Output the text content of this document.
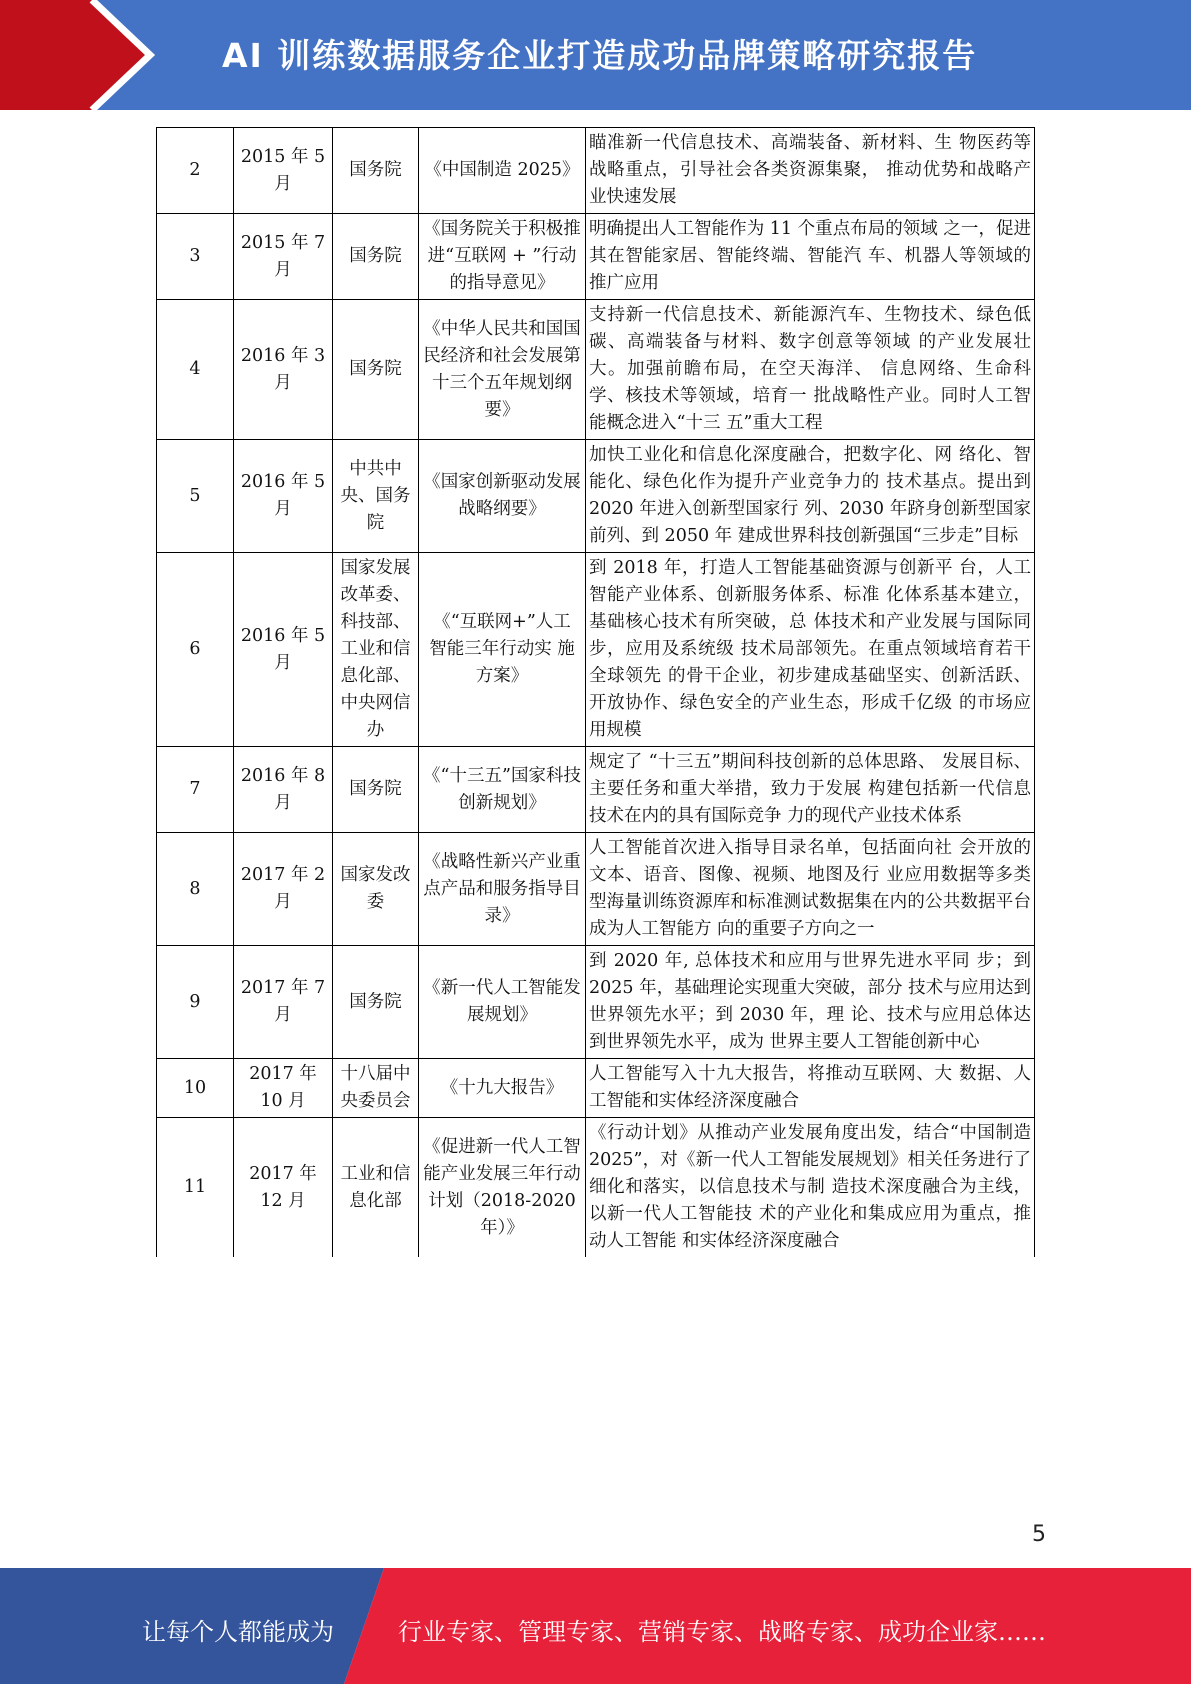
AI 训练数据服务企业打造成功品牌策略研究报告
2	2015 年 5 月	国务院	《中国制造 2025》	瞄准新一代信息技术、高端装备、新材料、生 物医药等战略重点，引导社会各类资源集聚， 推动优势和战略产业快速发展
3	2015 年 7 月	国务院	《国务院关于积极推进“互联网 + ”行动的指导意见》	明确提出人工智能作为 11 个重点布局的领域 之一，促进其在智能家居、智能终端、智能汽 车、机器人等领域的推广应用
4	2016 年 3 月	国务院	《中华人民共和国国民经济和社会发展第十三个五年规划纲要》	支持新一代信息技术、新能源汽车、生物技术、绿色低碳、高端装备与材料、数字创意等领域 的产业发展壮大。加强前瞻布局，在空天海洋、 信息网络、生命科学、核技术等领域，培育一 批战略性产业。同时人工智能概念进入“十三 五”重大工程
5	2016 年 5 月	中共中央、国务院	《国家创新驱动发展战略纲要》	加快工业化和信息化深度融合，把数字化、网 络化、智能化、绿色化作为提升产业竞争力的 技术基点。提出到 2020 年进入创新型国家行 列、2030 年跻身创新型国家前列、到 2050 年 建成世界科技创新强国“三步走”目标
6	2016 年 5 月	国家发展改革委、科技部、工业和信息化部、中央网信办	《“互联网+”人工 智能三年行动实 施方案》	到 2018 年，打造人工智能基础资源与创新平 台，人工智能产业体系、创新服务体系、标准 化体系基本建立，基础核心技术有所突破，总 体技术和产业发展与国际同步，应用及系统级 技术局部领先。在重点领域培育若干全球领先 的骨干企业，初步建成基础坚实、创新活跃、 开放协作、绿色安全的产业生态，形成千亿级 的市场应用规模
7	2016 年 8 月	国务院	《“十三五”国家科技创新规划》	规定了 “十三五”期间科技创新的总体思路、 发展目标、主要任务和重大举措，致力于发展 构建包括新一代信息技术在内的具有国际竞争 力的现代产业技术体系
8	2017 年 2 月	国家发改委	《战略性新兴产业重点产品和服务指导目录》	人工智能首次进入指导目录名单，包括面向社 会开放的文本、语音、图像、视频、地图及行 业应用数据等多类型海量训练资源库和标准测试数据集在内的公共数据平台成为人工智能方 向的重要子方向之一
9	2017 年 7 月	国务院	《新一代人工智能发展规划》	到 2020 年, 总体技术和应用与世界先进水平同 步；到 2025 年，基础理论实现重大突破，部分 技术与应用达到世界领先水平；到 2030 年，理 论、技术与应用总体达到世界领先水平，成为 世界主要人工智能创新中心
10	2017 年 10 月	十八届中央委员会	《十九大报告》	人工智能写入十九大报告，将推动互联网、大 数据、人工智能和实体经济深度融合
11	2017 年 12 月	工业和信息化部	《促进新一代人工智能产业发展三年行动计划（2018-2020 年）》	《行动计划》从推动产业发展角度出发，结合“中国制造 2025”，对《新一代人工智能发展规划》相关任务进行了细化和落实，以信息技术与制 造技术深度融合为主线，以新一代人工智能技 术的产业化和集成应用为重点，推动人工智能 和实体经济深度融合
5
让每个人都能成为	行业专家、管理专家、营销专家、战略专家、成功企业家……
